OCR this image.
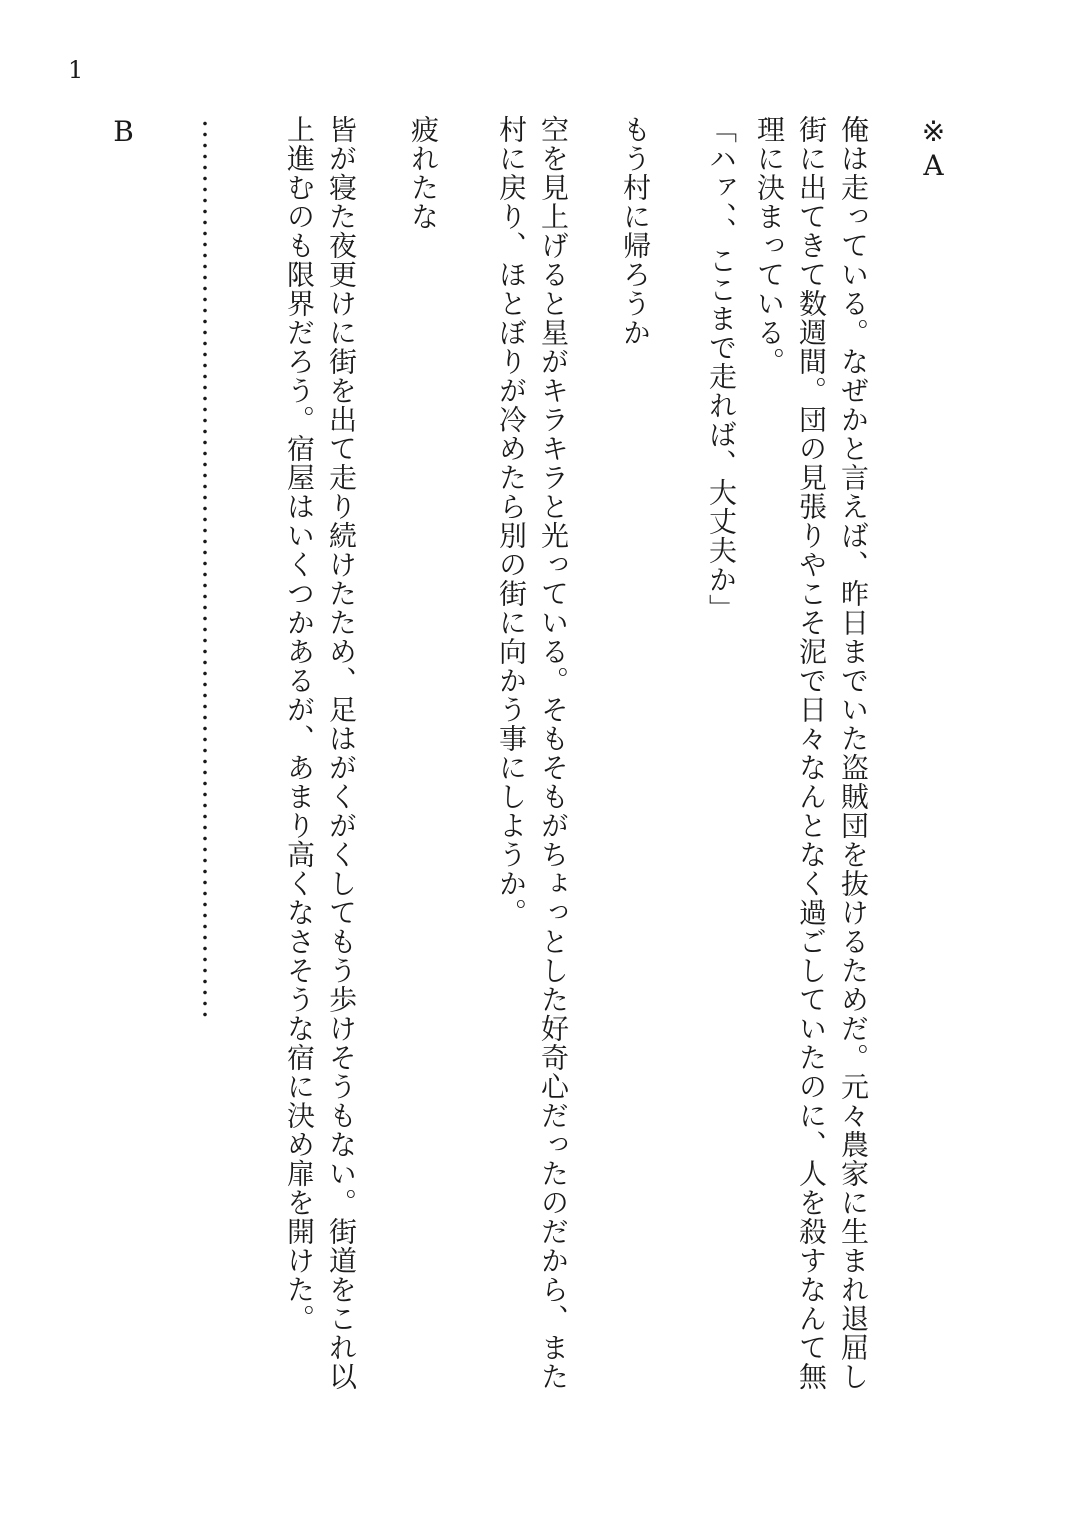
1
※A
俺は走っている。なぜかと言えば、昨日までいた盗賊団を抜けるためだ。元々農家に生まれ退屈し街に出てきて数週間。団の見張りやこそ泥で日々なんとなく過ごしていたのに、人を殺すなんて無理に決まっている。
「ハァ、、ここまで走れば、大丈夫か」
もう村に帰ろうか
空を見上げると星がキラキラと光っている。そもそもがちょっとした好奇心だったのだから、また村に戻り、ほとぼりが冷めたら別の街に向かう事にしようか。
疲れたな
皆が寝た夜更けに街を出て走り続けたため、足はがくがくしてもう歩けそうもない。街道をこれ以上進むのも限界だろう。宿屋はいくつかあるが、あまり高くなさそうな宿に決め扉を開けた。
B
